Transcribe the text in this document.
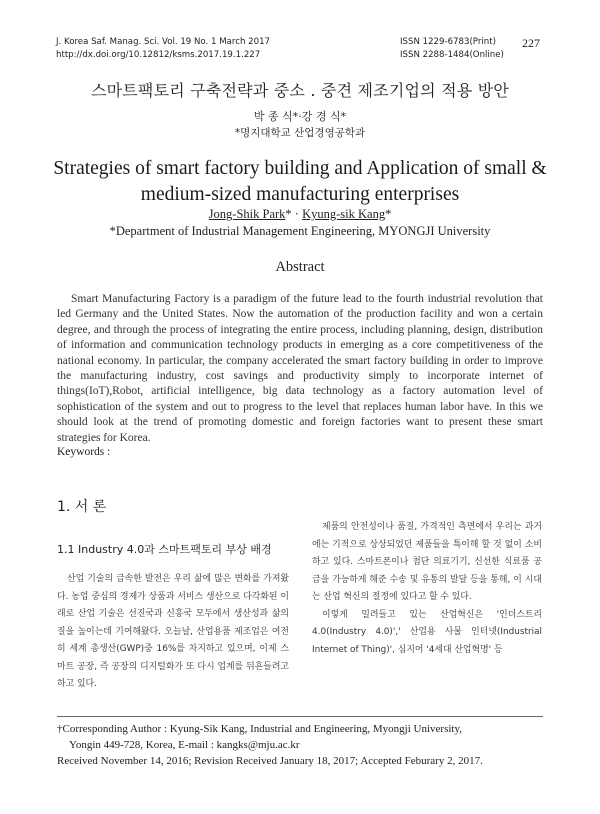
J. Korea Saf. Manag. Sci. Vol. 19 No. 1 March 2017
http://dx.doi.org/10.12812/ksms.2017.19.1.227
ISSN 1229-6783(Print)
ISSN 2288-1484(Online)
227
스마트팩토리 구축전략과 중소 . 중견 제조기업의 적용 방안
박 종 식*·강 경 식*
*명지대학교 산업경영공학과
Strategies of smart factory building and Application of small &
medium-sized manufacturing enterprises
Jong-Shik Park* · Kyung-sik Kang*
*Department of Industrial Management Engineering, MYONGJI University
Abstract

Smart Manufacturing Factory is a paradigm of the future lead to the fourth industrial revolution that led Germany and the United States. Now the automation of the production facility and won a certain degree, and through the process of integrating the entire process, including planning, design, distribution of information and communication technology products in emerging as a core competitiveness of the national economy. In particular, the company accelerated the smart factory building in order to improve the manufacturing industry, cost savings and productivity simply to incorporate internet of things(IoT),Robot, artificial intelligence, big data technology as a factory automation level of sophistication of the system and out to progress to the level that replaces human labor have. In this we should look at the trend of promoting domestic and foreign factories want to present these smart strategies for Korea.

Keywords :
1. 서 론
1.1 Industry 4.0과 스마트팩토리 부상 배경

산업 기술의 급속한 발전은 우리 삶에 많은 변화를 가져왔다. 농업 중심의 경제가 상품과 서비스 생산으로 다각화된 이래로 산업 기술은 선진국과 신흥국 모두에서 생산성과 삶의 질을 높이는데 기여해왔다. 오늘날, 산업용품 제조업은 여전히 세계 총생산(GWP)중 16%를 차지하고 있으며, 이제 스마트 공장, 즉 공장의 디지털화가 또 다시 업계를 뒤흔들려고 하고 있다.

제품의 안전성이나 품질, 가격적인 측면에서 우리는 과거에는 기적으로 상상되었던 제품들을 특이해 할 것 없이 소비하고 있다. 스마트폰이나 첨단 의료기기, 신선한 식료품 공급을 가능하게 해준 수송 및 유통의 발달 등을 통해, 이 시대는 산업 혁신의 절정에 있다고 할 수 있다.

이렇게 밀려들고 있는 산업혁신은 '인더스트리 4.0(Industry 4.0)',' 산업용 사물 인터넷(Industrial Internet of Thing)', 심지어 '4세대 산업혁명' 등

†Corresponding Author : Kyung-Sik Kang, Industrial and Engineering, Myongji University,
Yongin 449-728, Korea, E-mail : kangks@mju.ac.kr
Received November 14, 2016; Revision Received January 18, 2017; Accepted Feburary 2, 2017.
